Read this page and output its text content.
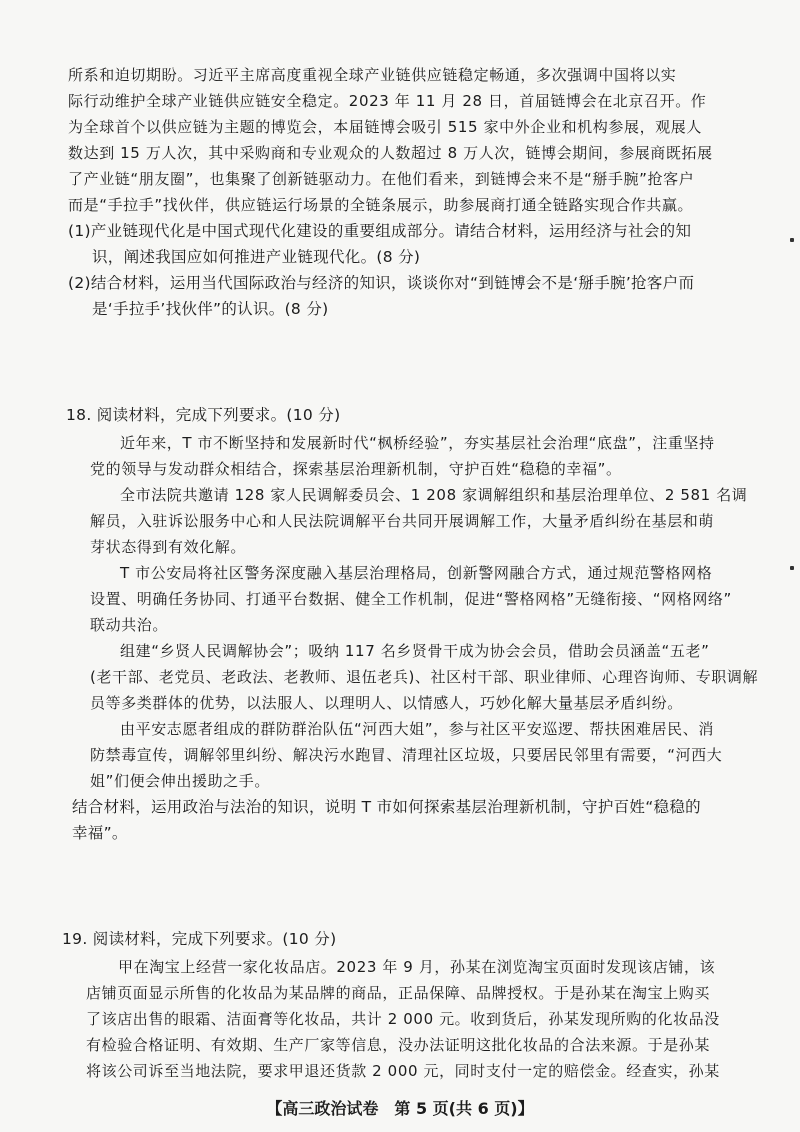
所系和迫切期盼。习近平主席高度重视全球产业链供应链稳定畅通，多次强调中国将以实
际行动维护全球产业链供应链安全稳定。2023 年 11 月 28 日，首届链博会在北京召开。作
为全球首个以供应链为主题的博览会，本届链博会吸引 515 家中外企业和机构参展，观展人
数达到 15 万人次，其中采购商和专业观众的人数超过 8 万人次，链博会期间，参展商既拓展
了产业链“朋友圈”，也集聚了创新链驱动力。在他们看来，到链博会来不是“掰手腕”抢客户
而是“手拉手”找伙伴，供应链运行场景的全链条展示，助参展商打通全链路实现合作共赢。
(1)产业链现代化是中国式现代化建设的重要组成部分。请结合材料，运用经济与社会的知
识，阐述我国应如何推进产业链现代化。(8 分)
(2)结合材料，运用当代国际政治与经济的知识，谈谈你对“到链博会不是‘掰手腕’抢客户而
是‘手拉手’找伙伴”的认识。(8 分)
18. 阅读材料，完成下列要求。(10 分)
近年来，T 市不断坚持和发展新时代“枫桥经验”，夯实基层社会治理“底盘”，注重坚持
党的领导与发动群众相结合，探索基层治理新机制，守护百姓“稳稳的幸福”。
全市法院共邀请 128 家人民调解委员会、1 208 家调解组织和基层治理单位、2 581 名调
解员，入驻诉讼服务中心和人民法院调解平台共同开展调解工作，大量矛盾纠纷在基层和萌
芽状态得到有效化解。
T 市公安局将社区警务深度融入基层治理格局，创新警网融合方式，通过规范警格网格
设置、明确任务协同、打通平台数据、健全工作机制，促进“警格网格”无缝衔接、“网格网络”
联动共治。
组建“乡贤人民调解协会”；吸纳 117 名乡贤骨干成为协会会员，借助会员涵盖“五老”
(老干部、老党员、老政法、老教师、退伍老兵)、社区村干部、职业律师、心理咨询师、专职调解
员等多类群体的优势，以法服人、以理明人、以情感人，巧妙化解大量基层矛盾纠纷。
由平安志愿者组成的群防群治队伍“河西大姐”，参与社区平安巡逻、帮扶困难居民、消
防禁毒宣传，调解邻里纠纷、解决污水跑冒、清理社区垃圾，只要居民邻里有需要，“河西大
姐”们便会伸出援助之手。
结合材料，运用政治与法治的知识，说明 T 市如何探索基层治理新机制，守护百姓“稳稳的
幸福”。
19. 阅读材料，完成下列要求。(10 分)
甲在淘宝上经营一家化妆品店。2023 年 9 月，孙某在浏览淘宝页面时发现该店铺，该
店铺页面显示所售的化妆品为某品牌的商品，正品保障、品牌授权。于是孙某在淘宝上购买
了该店出售的眼霜、洁面膏等化妆品，共计 2 000 元。收到货后，孙某发现所购的化妆品没
有检验合格证明、有效期、生产厂家等信息，没办法证明这批化妆品的合法来源。于是孙某
将该公司诉至当地法院，要求甲退还货款 2 000 元，同时支付一定的赔偿金。经查实，孙某
【高三政治试卷　第 5 页(共 6 页)】
